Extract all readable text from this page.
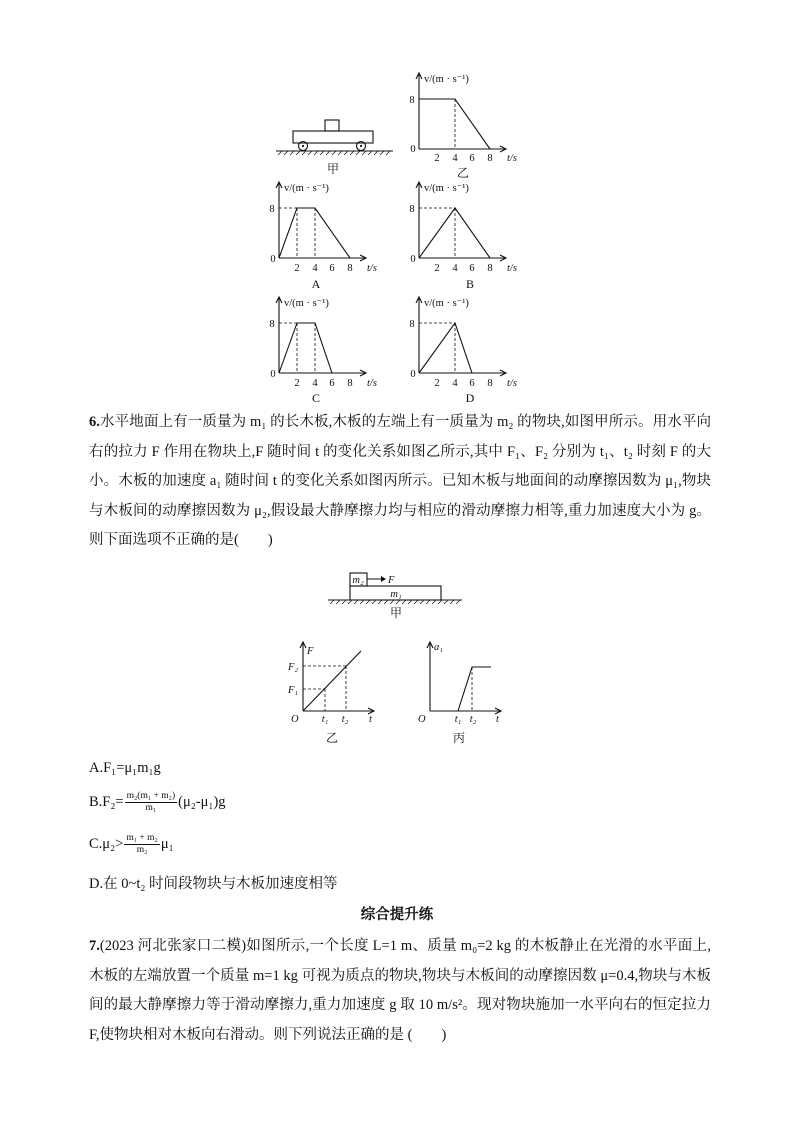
甲
v/(m · s⁻¹)
8
0
2 4 6 8 t/s
乙
v/(m · s⁻¹)
8
0
2 4 6 8 t/s
A
v/(m · s⁻¹)
8
0
2 4 6 8 t/s
B
v/(m · s⁻¹)
8
0
2 4 6 8 t/s
C
v/(m · s⁻¹)
8
0
2 4 6 8 t/s
D
m₂ F
m₁
甲
F
F₂
F₁
O t₁ t₂ t
乙
a₁
O	t₁ t₂ t
丙
6.水平地面上有一质量为 m₁ 的长木板,木板的左端上有一质量为 m₂ 的物块,如图甲所示。用水平向右的拉力 F 作用在物块上,F 随时间 t 的变化关系如图乙所示,其中 F₁、F₂ 分别为 t₁、t₂ 时刻 F 的大小。木板的加速度 a₁ 随时间 t 的变化关系如图丙所示。已知木板与地面间的动摩擦因数为 μ₁,物块与木板间的动摩擦因数为 μ₂,假设最大静摩擦力均与相应的滑动摩擦力相等,重力加速度大小为 g。则下面选项不正确的是(　　)
A.F₁=μ₁m₁g
$B.F_2= \frac{\text{m₂(m₁ + m₂)}}{\text{m₁}} (\mu_2-\mu_1)g$
$C.\mu_2> \frac{\text{m₁ + m₂}}{\text{m₂}} \mu_1$
D.在 0~t₂ 时间段物块与木板加速度相等
综合提升练
7.(2023 河北张家口二模)如图所示,一个长度 L=1 m、质量 m₀=2 kg 的木板静止在光滑的水平面上,木板的左端放置一个质量 m=1 kg 可视为质点的物块,物块与木板间的动摩擦因数 μ=0.4,物块与木板间的最大静摩擦力等于滑动摩擦力,重力加速度 g 取 10 m/s²。现对物块施加一水平向右的恒定拉力 F,使物块相对木板向右滑动。则下列说法正确的是 (　　)
